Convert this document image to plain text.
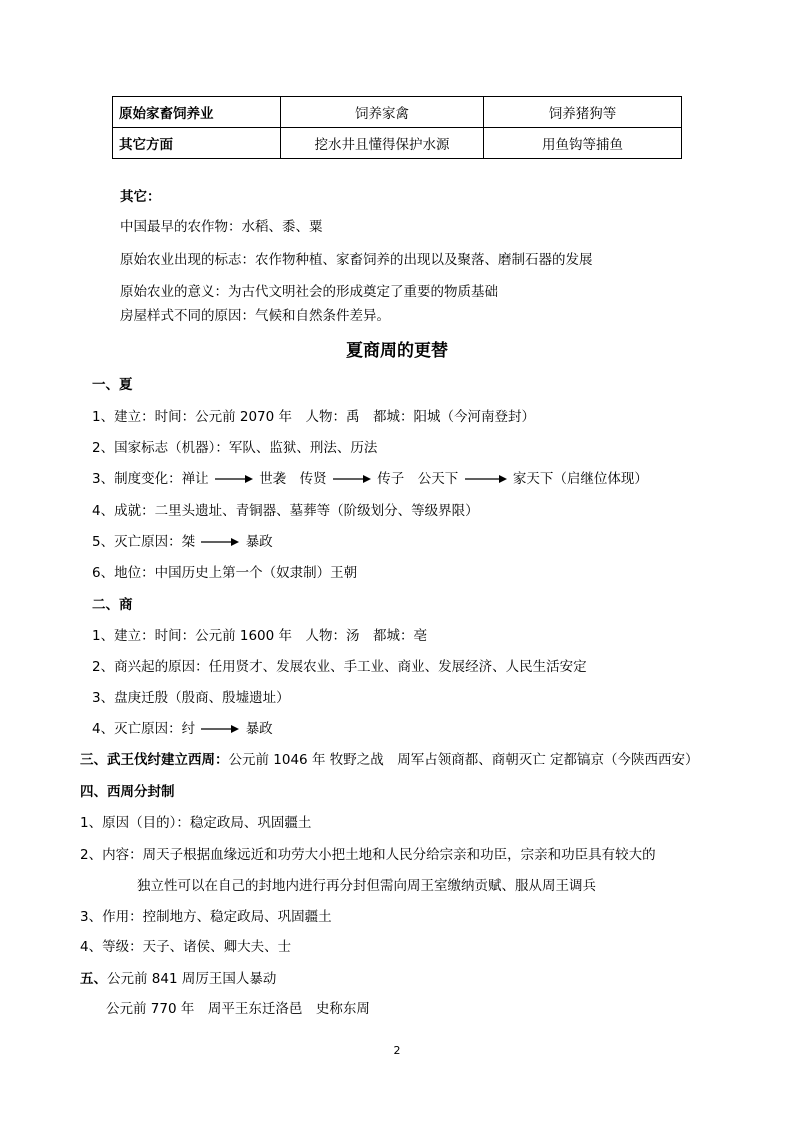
原始家畜饲养业	饲养家禽	饲养猪狗等
其它方面	挖水井且懂得保护水源	用鱼钩等捕鱼
其它：
中国最早的农作物：水稻、黍、粟
原始农业出现的标志：农作物种植、家畜饲养的出现以及聚落、磨制石器的发展
原始农业的意义：为古代文明社会的形成奠定了重要的物质基础
房屋样式不同的原因：气候和自然条件差异。
夏商周的更替
一、夏
1、建立：时间：公元前 2070 年　人物：禹　都城：阳城（今河南登封）
2、国家标志（机器）：军队、监狱、刑法、历法
3、制度变化：禅让	世袭　传贤	传子　公天下	家天下（启继位体现）
4、成就：二里头遗址、青铜器、墓葬等（阶级划分、等级界限）
5、灭亡原因：桀	暴政
6、地位：中国历史上第一个（奴隶制）王朝
二、商
1、建立：时间：公元前 1600 年　人物：汤　都城：亳
2、商兴起的原因：任用贤才、发展农业、手工业、商业、发展经济、人民生活安定
3、盘庚迁殷（殷商、殷墟遗址）
4、灭亡原因：纣	暴政
三、武王伐纣建立西周：公元前 1046 年 牧野之战　周军占领商都、商朝灭亡 定都镐京（今陕西西安）
四、西周分封制
1、原因（目的）：稳定政局、巩固疆土
2、内容：周天子根据血缘远近和功劳大小把土地和人民分给宗亲和功臣，宗亲和功臣具有较大的
独立性可以在自己的封地内进行再分封但需向周王室缴纳贡赋、服从周王调兵
3、作用：控制地方、稳定政局、巩固疆土
4、等级：天子、诸侯、卿大夫、士
五、公元前 841 周厉王国人暴动
公元前 770 年　周平王东迁洛邑　史称东周
2
